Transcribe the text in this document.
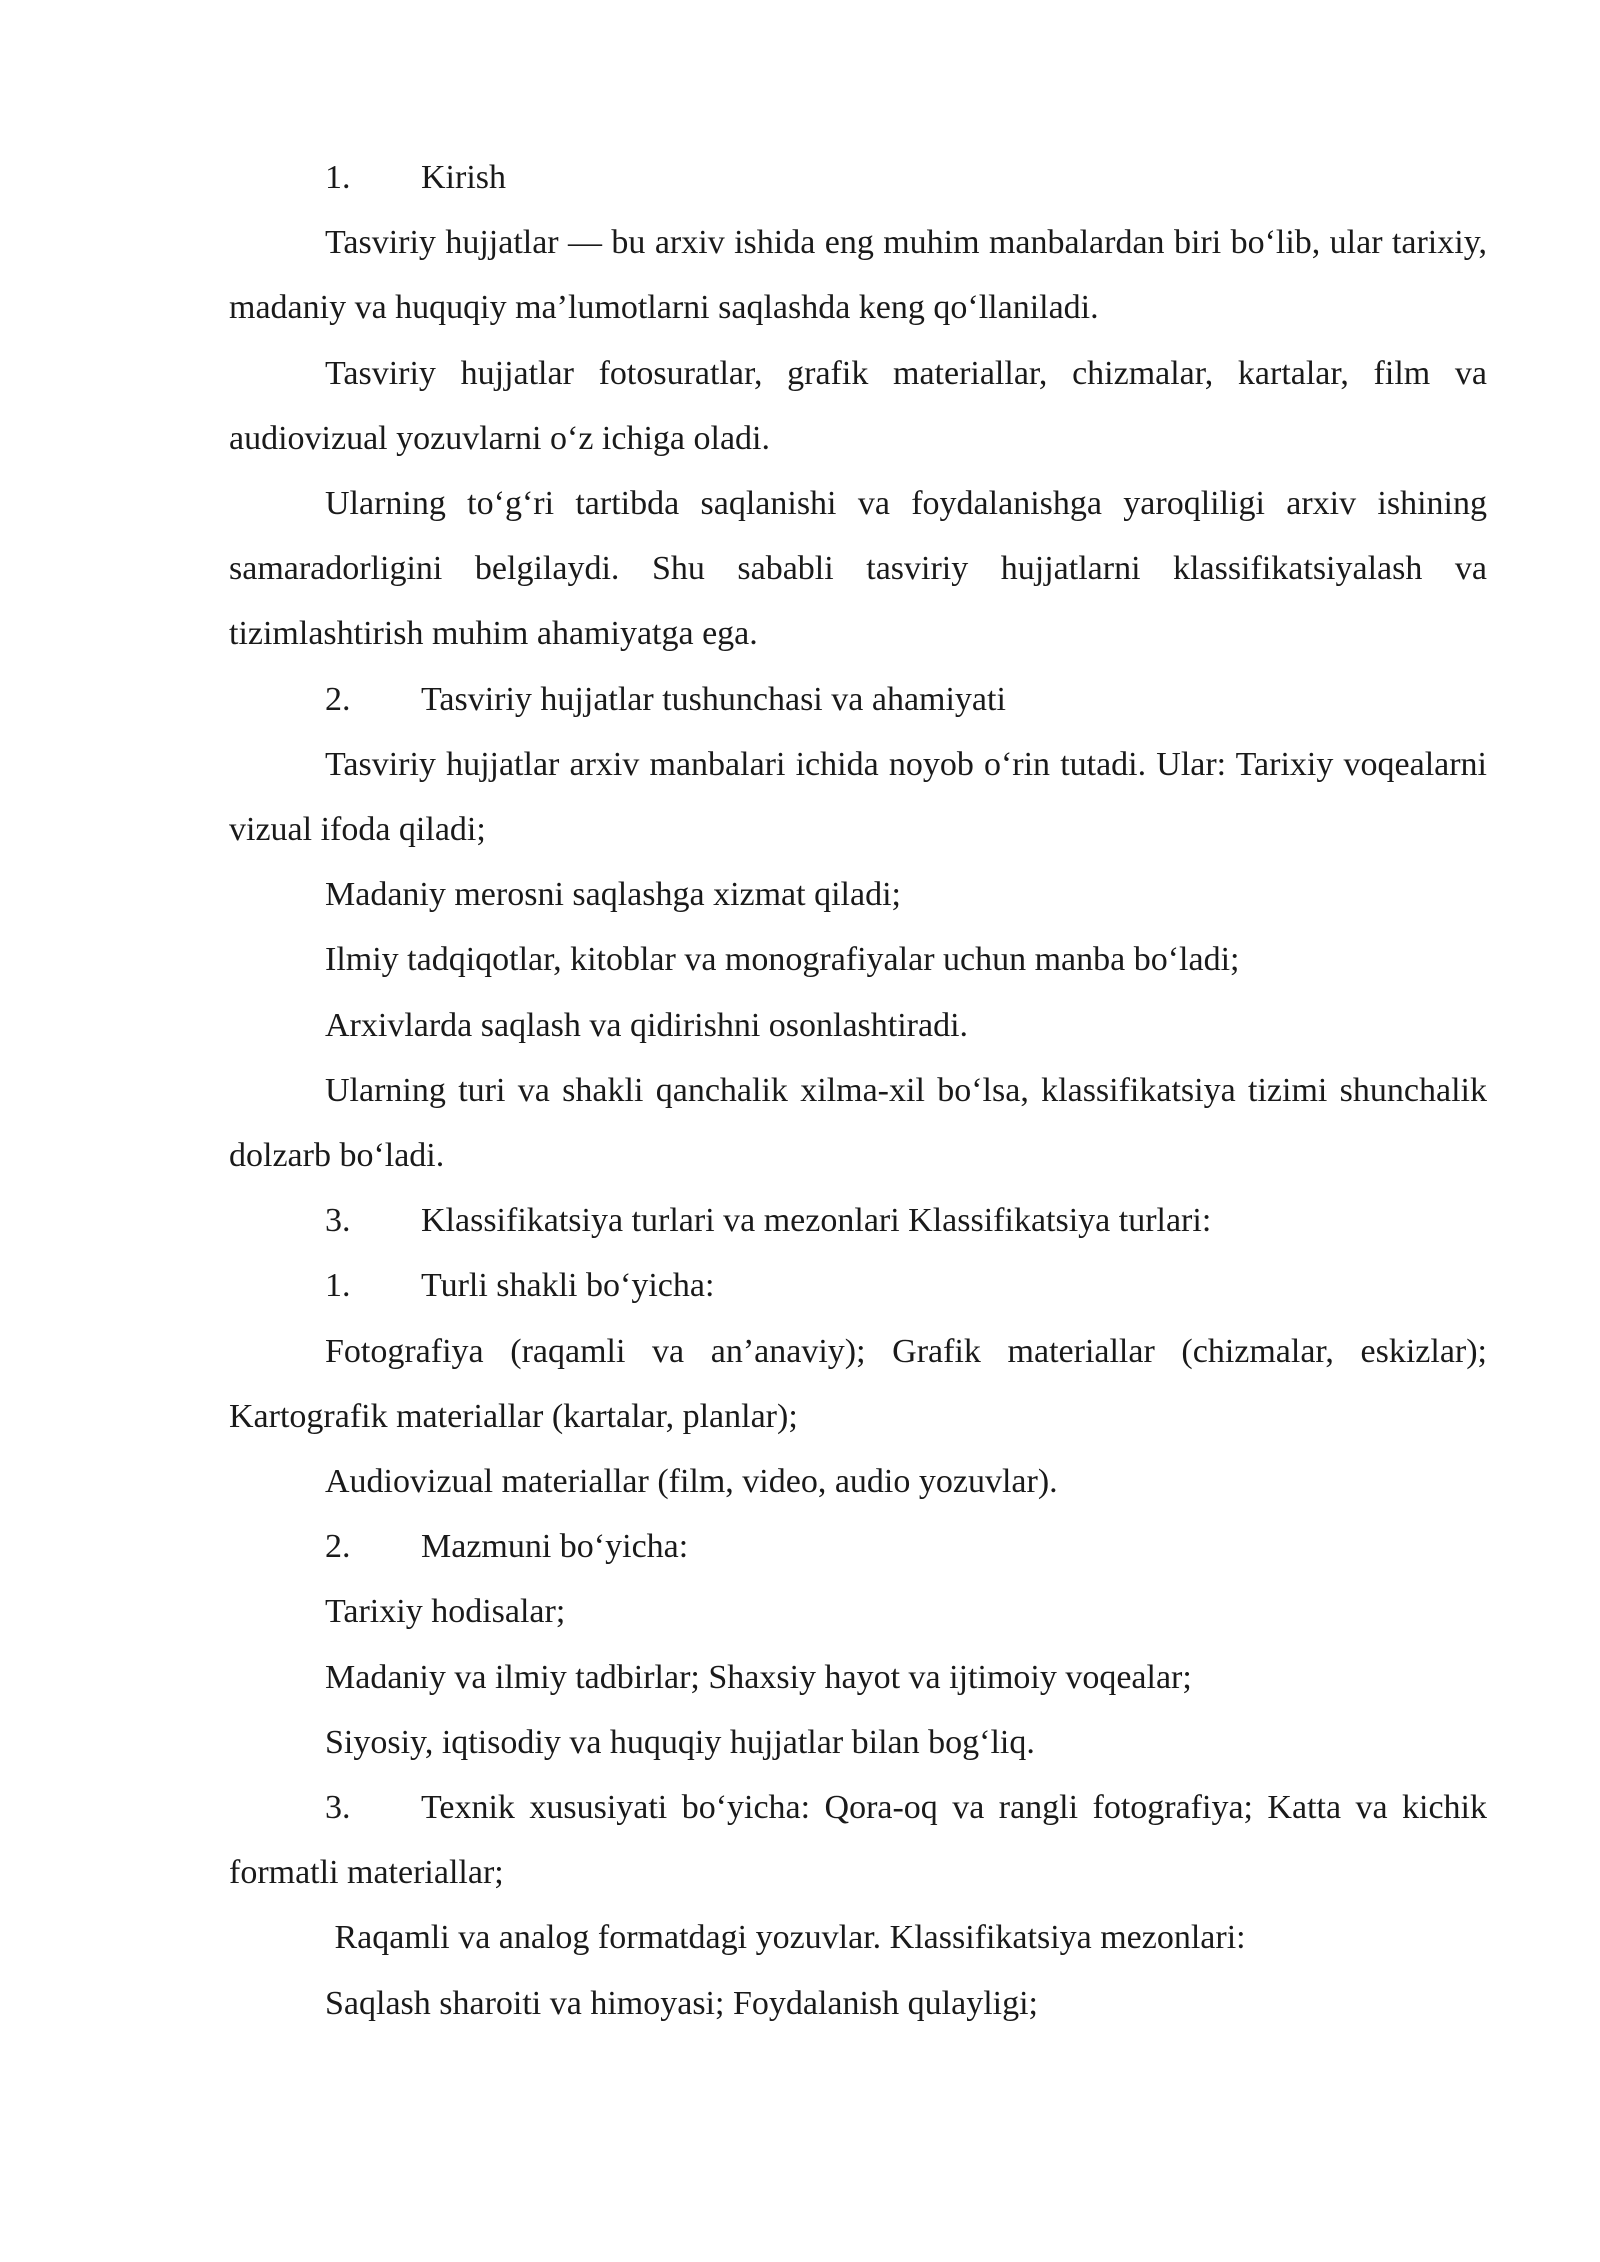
1. Kirish

Tasviriy hujjatlar — bu arxiv ishida eng muhim manbalardan biri bo‘lib, ular tarixiy, madaniy va huquqiy ma’lumotlarni saqlashda keng qo‘llaniladi.

Tasviriy hujjatlar fotosuratlar, grafik materiallar, chizmalar, kartalar, film va audiovizual yozuvlarni o‘z ichiga oladi.

Ularning to‘g‘ri tartibda saqlanishi va foydalanishga yaroqliligi arxiv ishining samaradorligini belgilaydi. Shu sababli tasviriy hujjatlarni klassifikatsiyalash va tizimlashtirish muhim ahamiyatga ega.

2. Tasviriy hujjatlar tushunchasi va ahamiyati

Tasviriy hujjatlar arxiv manbalari ichida noyob o‘rin tutadi. Ular: Tarixiy voqealarni vizual ifoda qiladi;

Madaniy merosni saqlashga xizmat qiladi;

Ilmiy tadqiqotlar, kitoblar va monografiyalar uchun manba bo‘ladi;

Arxivlarda saqlash va qidirishni osonlashtiradi.

Ularning turi va shakli qanchalik xilma-xil bo‘lsa, klassifikatsiya tizimi shunchalik dolzarb bo‘ladi.

3. Klassifikatsiya turlari va mezonlari Klassifikatsiya turlari:

1. Turli shakli bo‘yicha:

Fotografiya (raqamli va an’anaviy); Grafik materiallar (chizmalar, eskizlar); Kartografik materiallar (kartalar, planlar);

Audiovizual materiallar (film, video, audio yozuvlar).

2. Mazmuni bo‘yicha:

Tarixiy hodisalar;

Madaniy va ilmiy tadbirlar; Shaxsiy hayot va ijtimoiy voqealar;

Siyosiy, iqtisodiy va huquqiy hujjatlar bilan bog‘liq.

3. Texnik xususiyati bo‘yicha: Qora-oq va rangli fotografiya; Katta va kichik formatli materiallar;

Raqamli va analog formatdagi yozuvlar. Klassifikatsiya mezonlari:

Saqlash sharoiti va himoyasi; Foydalanish qulayligi;
